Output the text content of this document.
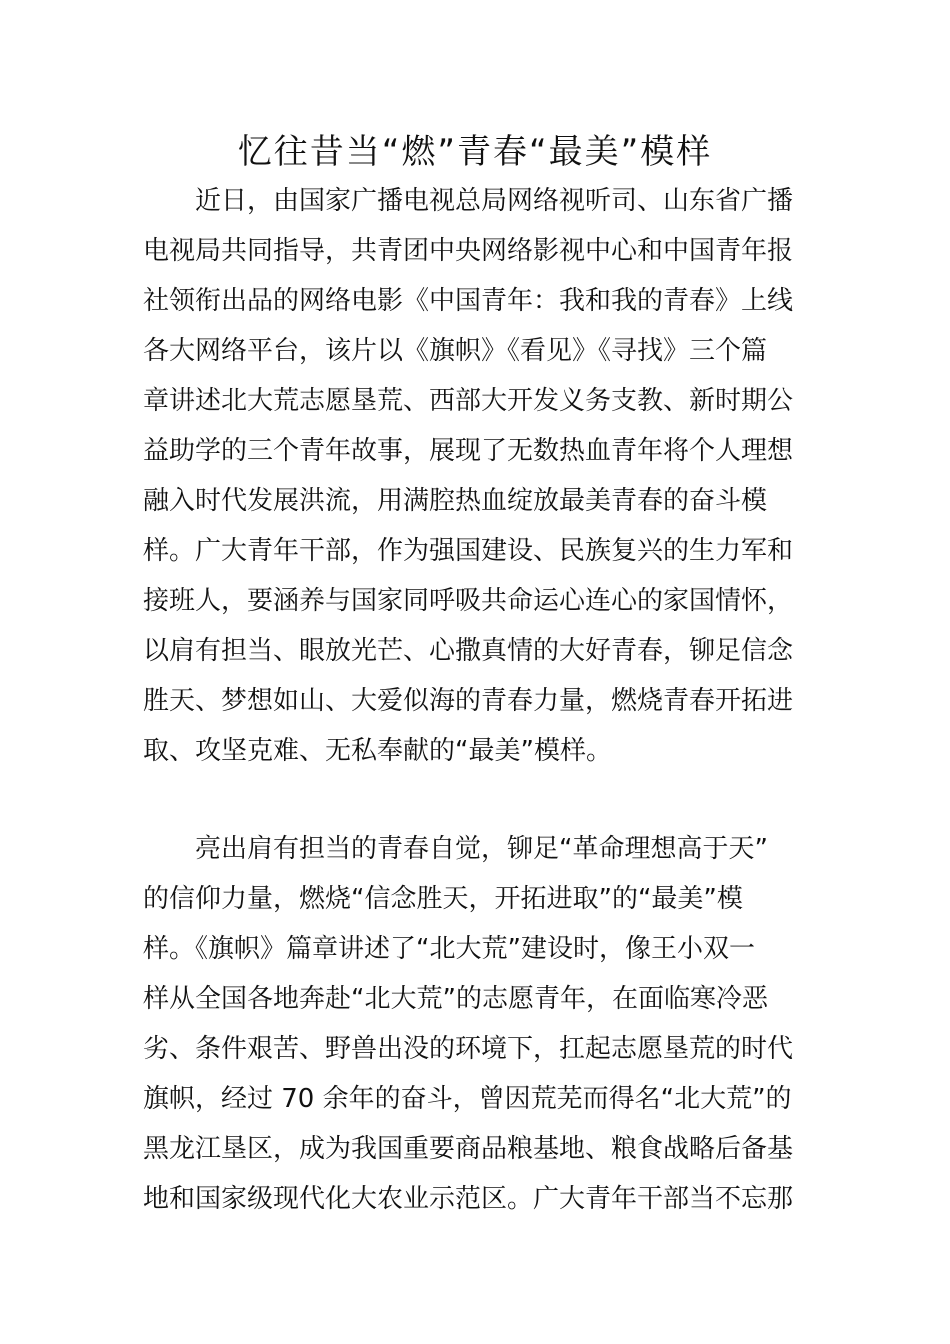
忆往昔当“燃”青春“最美”模样
近日，由国家广播电视总局网络视听司、山东省广播
电视局共同指导，共青团中央网络影视中心和中国青年报
社领衔出品的网络电影《中国青年：我和我的青春》上线
各大网络平台，该片以《旗帜》《看见》《寻找》三个篇
章讲述北大荒志愿垦荒、西部大开发义务支教、新时期公
益助学的三个青年故事，展现了无数热血青年将个人理想
融入时代发展洪流，用满腔热血绽放最美青春的奋斗模
样。广大青年干部，作为强国建设、民族复兴的生力军和
接班人，要涵养与国家同呼吸共命运心连心的家国情怀，
以肩有担当、眼放光芒、心撒真情的大好青春，铆足信念
胜天、梦想如山、大爱似海的青春力量，燃烧青春开拓进
取、攻坚克难、无私奉献的“最美”模样。
亮出肩有担当的青春自觉，铆足“革命理想高于天”
的信仰力量，燃烧“信念胜天，开拓进取”的“最美”模
样。《旗帜》篇章讲述了“北大荒”建设时，像王小双一
样从全国各地奔赴“北大荒”的志愿青年，在面临寒冷恶
劣、条件艰苦、野兽出没的环境下，扛起志愿垦荒的时代
旗帜，经过 70 余年的奋斗，曾因荒芜而得名“北大荒”的
黑龙江垦区，成为我国重要商品粮基地、粮食战略后备基
地和国家级现代化大农业示范区。广大青年干部当不忘那
